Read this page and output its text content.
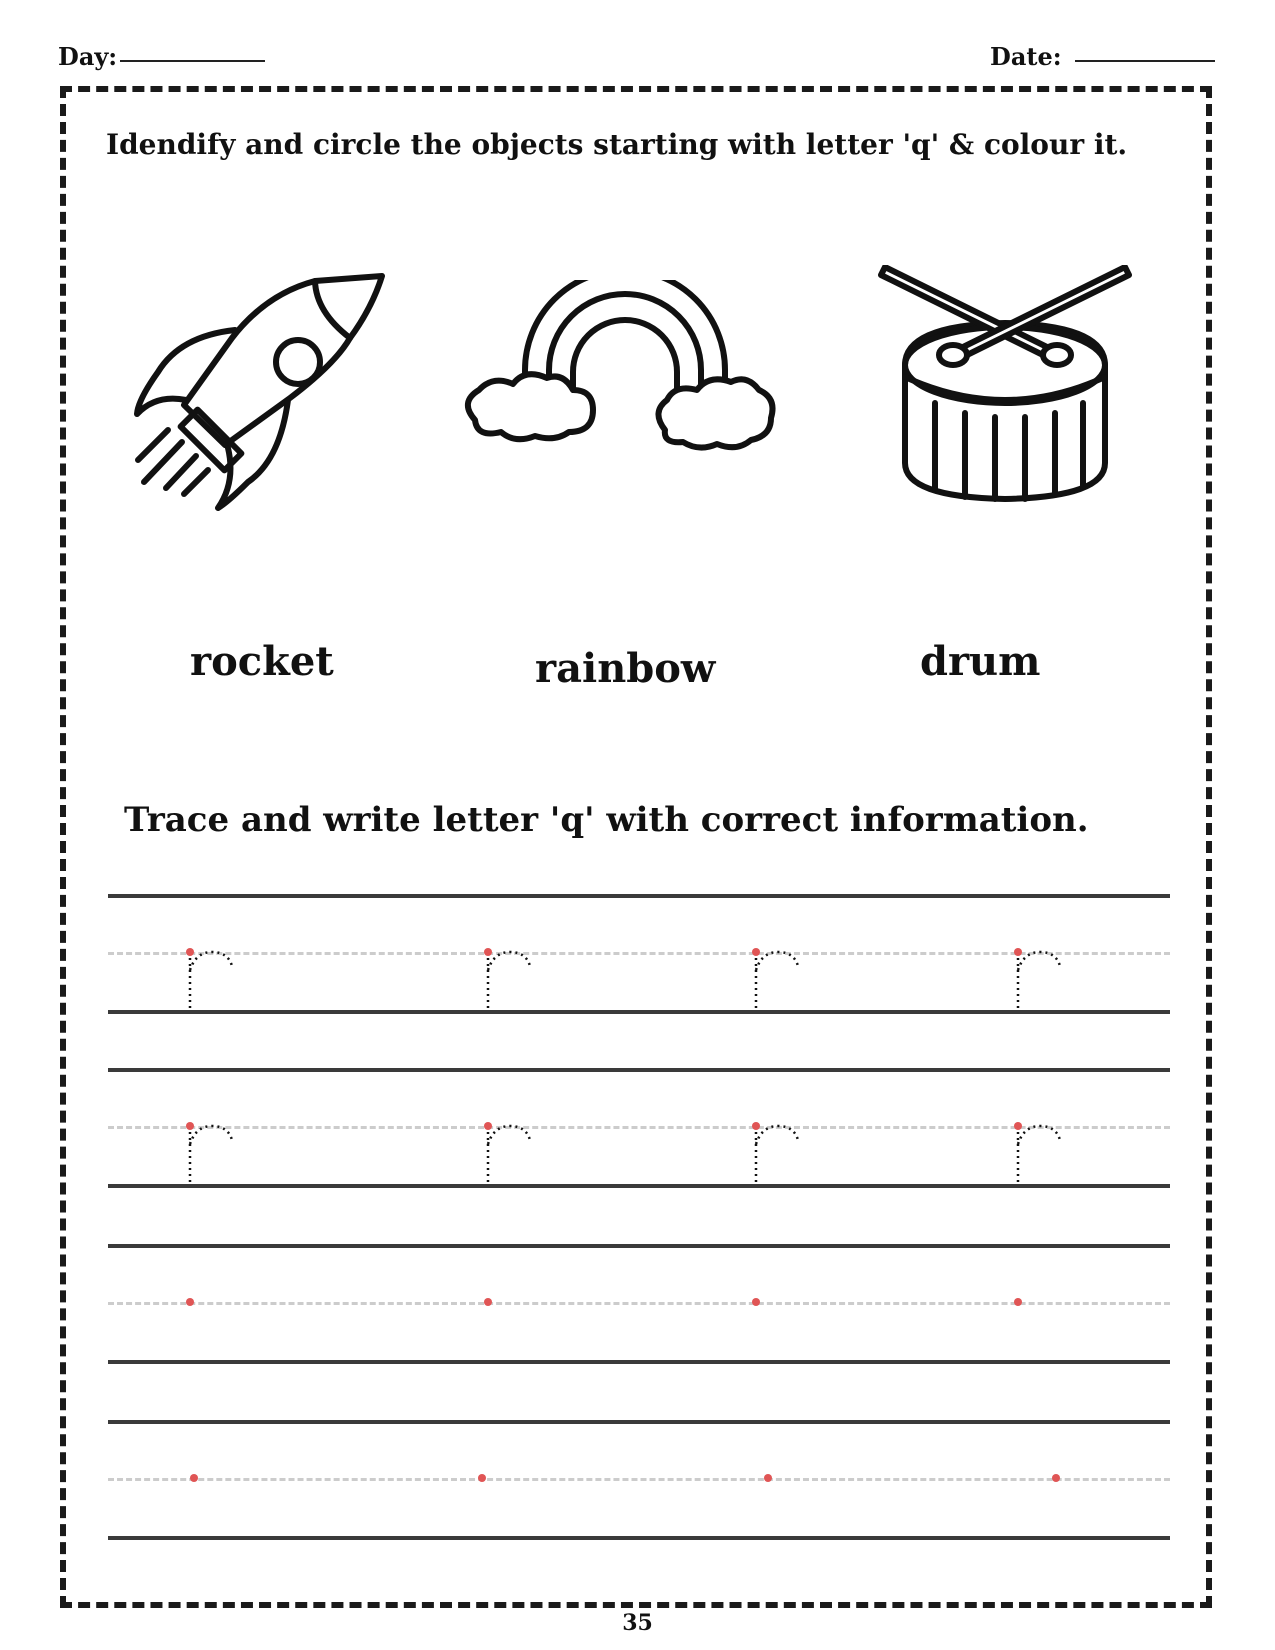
Day:	Date:
Idendify and circle the objects starting with letter 'q' & colour it.
rocket	rainbow	drum
Trace and write letter 'q' with correct information.
35
